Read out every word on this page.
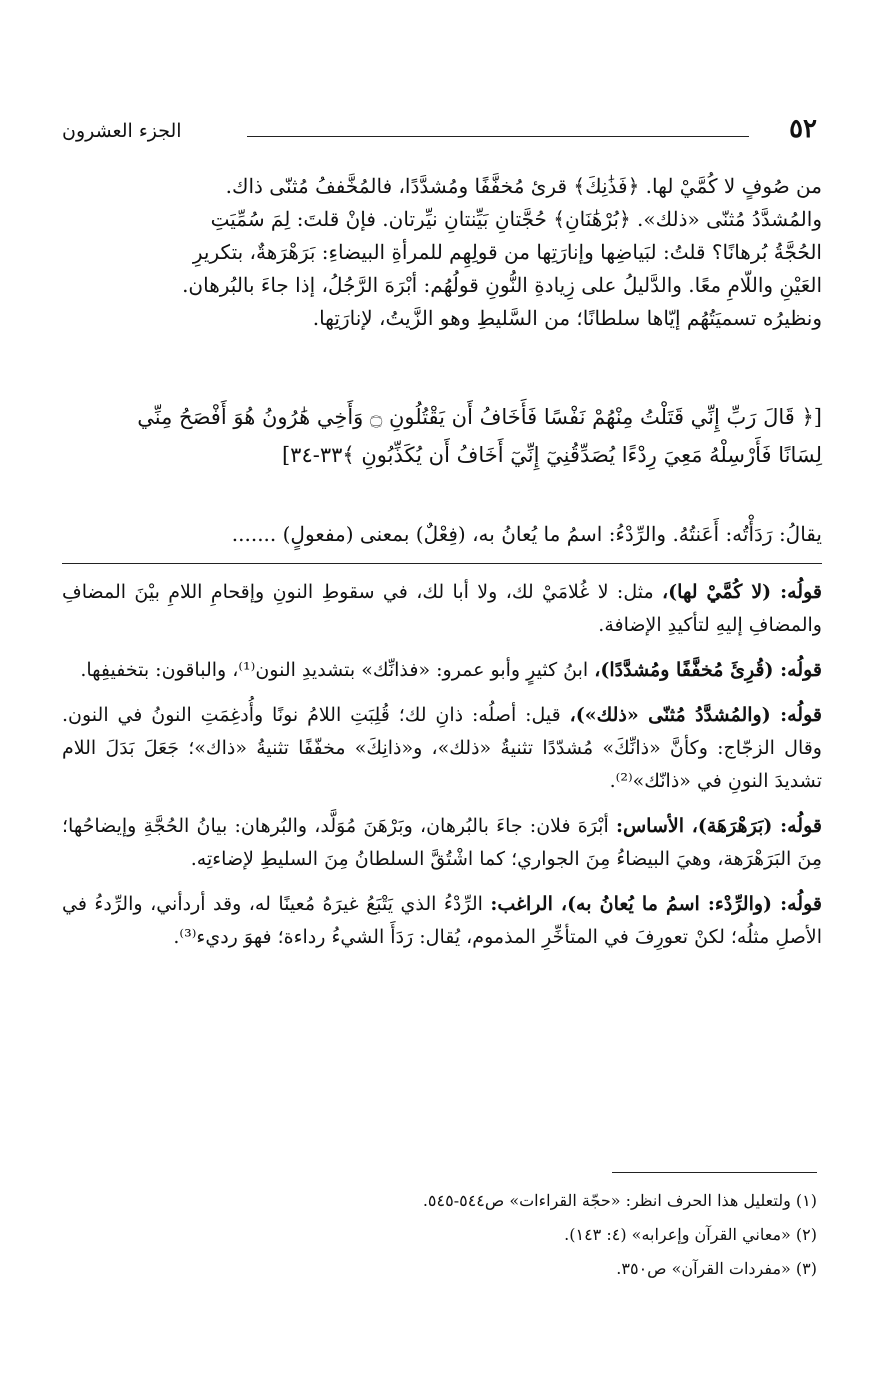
الجزء العشرون	٥٢

من صُوفٍ لا كُمَّيْ لها. ﴿فَذَٰنِكَ﴾ قرئ مُخفَّفًا ومُشدَّدًا، فالمُخَّففُ مُثنّى ذاك.

والمُشدَّدُ مُثنّى «ذلك». ﴿بُرْهَٰنَانِ﴾ حُجَّتانِ بَيِّنتانِ نيِّرتان. فإنْ قلتَ: لِمَ سُمِّيَتِ

الحُجَّةُ بُرهانًا؟ قلتُ: لبَياضِها وإنارَتِها من قولِهِم للمرأةِ البيضاءِ: بَرَهْرَهةٌ، بتكريرِ

العَيْنِ واللّامِ معًا. والدَّليلُ على زِيادةِ النُّونِ قولُهُم: أبْرَهَ الرَّجُلُ، إذا جاءَ بالبُرهان.

ونظيرُه تسميَتُهُم إيّاها سلطانًا؛ من السَّليطِ وهو الزَّيتُ، لإنارَتِها.

[﴿ قَالَ رَبِّ إِنِّي قَتَلْتُ مِنْهُمْ نَفْسًا فَأَخَافُ أَن يَقْتُلُونِ ۝ وَأَخِي هَٰرُونُ هُوَ أَفْصَحُ مِنِّي

لِسَانًا فَأَرْسِلْهُ مَعِيَ رِدْءًا يُصَدِّقُنِيٓ إِنِّيٓ أَخَافُ أَن يُكَذِّبُونِ ﴾٣٣-٣٤]

يقالُ: رَدَأْتُه: أَعَنتُهُ. والرِّدْءُ: اسمُ ما يُعانُ به، (فِعْلٌ) بمعنى (مفعولٍ) .......

قولُه: (لا كُمَّيْ لها)، مثل: لا غُلامَيْ لك، ولا أبا لك، في سقوطِ النونِ وإقحامِ اللامِ بيْنَ المضافِ والمضافِ إليهِ لتأكيدِ الإضافة.

قولُه: (قُرِئَ مُخفَّفًا ومُشدَّدًا)، ابنُ كثيرٍ وأبو عمرو: «فذانِّك» بتشديدِ النون⁽¹⁾، والباقون: بتخفيفِها.

قولُه: (والمُشدَّدُ مُثنّى «ذلك»)، قيل: أصلُه: ذانِ لك؛ قُلِبَتِ اللامُ نونًا وأُدغِمَتِ النونُ في النون. وقال الزجّاج: وكأنَّ «ذانِّكَ» مُشدّدًا تثنيةُ «ذلك»، و«ذانِكَ» مخفّفًا تثنيةُ «ذاك»؛ جَعَلَ بَدَلَ اللام تشديدَ النونِ في «ذانّك»⁽²⁾.

قولُه: (بَرَهْرَهَة)، الأساس: أبْرَهَ فلان: جاءَ بالبُرهان، وبَرْهَنَ مُوَلَّد، والبُرهان: بيانُ الحُجَّةِ وإيضاحُها؛ مِنَ البَرَهْرَهة، وهيَ البيضاءُ مِنَ الجواري؛ كما اشْتُقَّ السلطانُ مِنَ السليطِ لإضاءتِه.

قولُه: (والرِّدْء: اسمُ ما يُعانُ به)، الراغب: الرِّدْءُ الذي يَتْبَعُ غيرَهُ مُعينًا له، وقد أردأني، والرِّدءُ في الأصلِ مثلُه؛ لكنْ تعورِفَ في المتأخِّرِ المذموم، يُقال: رَدَأَ الشيءُ رداءة؛ فهوَ رديء⁽³⁾.

(١) ولتعليل هذا الحرف انظر: «حجّة القراءات» ص٥٤٤-٥٤٥.

(٢) «معاني القرآن وإعرابه» (٤: ١٤٣).

(٣) «مفردات القرآن» ص٣٥٠.
